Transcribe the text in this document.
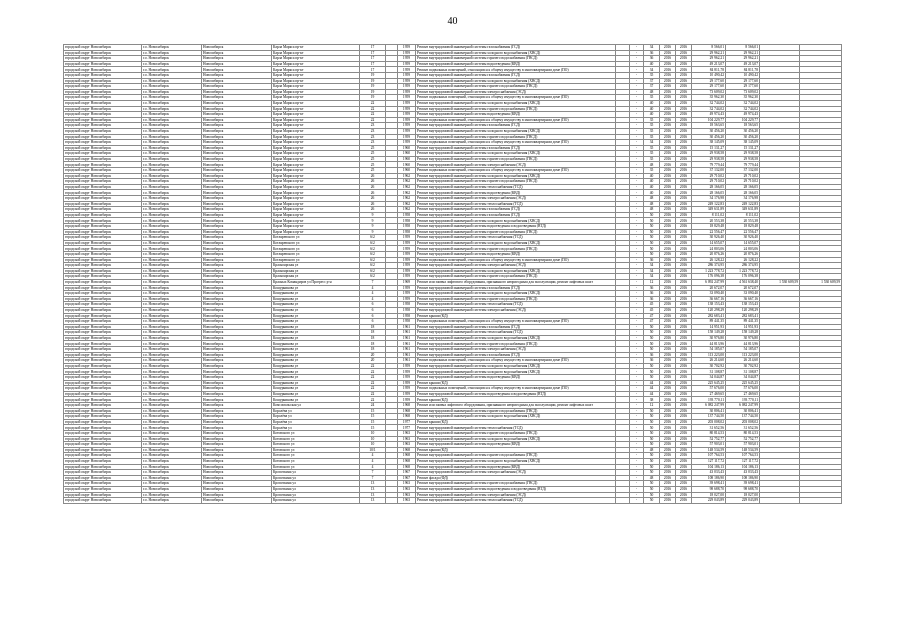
40
городской округ Новосибирск	г.о. Новосибирск	Новосибирск	Карла Маркса пр-кт	17		1959	Ремонт внутридомовой инженерной системы газоснабжения (ГСД)		-	34	2016	2016	8 566,01	8 566,01		
городской округ Новосибирск	г.о. Новосибирск	Новосибирск	Карла Маркса пр-кт	17		1959	Ремонт внутридомовой инженерной системы холодного водоснабжения (ХВСД)		-	36	2016	2016	29 962,21	29 962,21		
городской округ Новосибирск	г.о. Новосибирск	Новосибирск	Карла Маркса пр-кт	17		1959	Ремонт внутридомовой инженерной системы горячего водоснабжения (ГВСД)		-	36	2016	2016	29 962,21	29 962,21		
городской округ Новосибирск	г.о. Новосибирск	Новосибирск	Карла Маркса пр-кт	17		1959	Ремонт внутридомовой инженерной системы водоотведения (КВД)		-	40	2016	2016	49 213,07	49 213,07		
городской округ Новосибирск	г.о. Новосибирск	Новосибирск	Карла Маркса пр-кт	17		1959	Ремонт подвальных помещений, относящихся к общему имуществу в многоквартирном доме (ПО)		-	34	2016	2016	84 811,78	84 811,78		
городской округ Новосибирск	г.о. Новосибирск	Новосибирск	Карла Маркса пр-кт	19		1959	Ремонт внутридомовой инженерной системы газоснабжения (ГСД)		-	35	2016	2016	10 490,42	10 490,42		
городской округ Новосибирск	г.о. Новосибирск	Новосибирск	Карла Маркса пр-кт	19		1959	Ремонт внутридомовой инженерной системы холодного водоснабжения (ХВСД)		-	37	2016	2016	29 177,60	29 177,60		
городской округ Новосибирск	г.о. Новосибирск	Новосибирск	Карла Маркса пр-кт	19		1959	Ремонт внутридомовой инженерной системы горячего водоснабжения (ГВСД)		-	37	2016	2016	29 177,60	29 177,60		
городской округ Новосибирск	г.о. Новосибирск	Новосибирск	Карла Маркса пр-кт	19		1959	Ремонт внутридомовой инженерной системы электроснабжения (ЭСД)		-	48	2016	2016	73 609,02	73 609,02		
городской округ Новосибирск	г.о. Новосибирск	Новосибирск	Карла Маркса пр-кт	19		1959	Ремонт подвальных помещений, относящихся к общему имуществу в многоквартирном доме (ПО)		-	35	2016	2016	35 962,30	35 962,30		
городской округ Новосибирск	г.о. Новосибирск	Новосибирск	Карла Маркса пр-кт	22		1959	Ремонт внутридомовой инженерной системы холодного водоснабжения (ХВСД)		-	40	2016	2016	32 744,02	32 744,02		
городской округ Новосибирск	г.о. Новосибирск	Новосибирск	Карла Маркса пр-кт	22		1959	Ремонт внутридомовой инженерной системы горячего водоснабжения (ГВСД)		-	40	2016	2016	32 744,02	32 744,02		
городской округ Новосибирск	г.о. Новосибирск	Новосибирск	Карла Маркса пр-кт	22		1959	Ремонт внутридомовой инженерной системы водоотведения (КВД)		-	40	2016	2016	49 974,43	49 974,43		
городской округ Новосибирск	г.о. Новосибирск	Новосибирск	Карла Маркса пр-кт	22		1959	Ремонт подвальных помещений, относящихся к общему имуществу в многоквартирном доме (ПО)		-	35	2016	2016	104 229,77	104 229,77		
городской округ Новосибирск	г.о. Новосибирск	Новосибирск	Карла Маркса пр-кт	23		1959	Ремонт внутридомовой инженерной системы газоснабжения (ГСД)		-	35	2016	2016	18 563,65	18 563,65		
городской округ Новосибирск	г.о. Новосибирск	Новосибирск	Карла Маркса пр-кт	23		1959	Ремонт внутридомовой инженерной системы холодного водоснабжения (ХВСД)		-	35	2016	2016	30 456,20	30 456,20		
городской округ Новосибирск	г.о. Новосибирск	Новосибирск	Карла Маркса пр-кт	23		1959	Ремонт внутридомовой инженерной системы горячего водоснабжения (ГВСД)		-	35	2016	2016	30 456,20	30 456,20		
городской округ Новосибирск	г.о. Новосибирск	Новосибирск	Карла Маркса пр-кт	23		1959	Ремонт подвальных помещений, относящихся к общему имуществу в многоквартирном доме (ПО)		-	34	2016	2016	38 145,09	38 145,09		
городской округ Новосибирск	г.о. Новосибирск	Новосибирск	Карла Маркса пр-кт	25		1960	Ремонт внутридомовой инженерной системы газоснабжения (ГСД)		-	35	2016	2016	15 131,27	15 131,27		
городской округ Новосибирск	г.о. Новосибирск	Новосибирск	Карла Маркса пр-кт	25		1960	Ремонт внутридомовой инженерной системы холодного водоснабжения (ХВСД)		-	35	2016	2016	29 938,58	29 938,58		
городской округ Новосибирск	г.о. Новосибирск	Новосибирск	Карла Маркса пр-кт	25		1960	Ремонт внутридомовой инженерной системы горячего водоснабжения (ГВСД)		-	35	2016	2016	29 938,58	29 938,58		
городской округ Новосибирск	г.о. Новосибирск	Новосибирск	Карла Маркса пр-кт	25		1960	Ремонт внутридомовой инженерной системы электроснабжения (ЭСД)		-	48	2016	2016	79 779,44	79 779,44		
городской округ Новосибирск	г.о. Новосибирск	Новосибирск	Карла Маркса пр-кт	25		1960	Ремонт подвальных помещений, относящихся к общему имуществу в многоквартирном доме (ПО)		-	35	2016	2016	37 132,00	37 132,00		
городской округ Новосибирск	г.о. Новосибирск	Новосибирск	Карла Маркса пр-кт	26		1962	Ремонт внутридомовой инженерной системы холодного водоснабжения (ХВСД)		-	40	2016	2016	29 710,02	29 710,02		
городской округ Новосибирск	г.о. Новосибирск	Новосибирск	Карла Маркса пр-кт	26		1962	Ремонт внутридомовой инженерной системы горячего водоснабжения (ГВСД)		-	40	2016	2016	29 710,02	29 710,02		
городской округ Новосибирск	г.о. Новосибирск	Новосибирск	Карла Маркса пр-кт	26		1962	Ремонт внутридомовой инженерной системы теплоснабжения (ТСД)		-	40	2016	2016	28 166,05	28 166,05		
городской округ Новосибирск	г.о. Новосибирск	Новосибирск	Карла Маркса пр-кт	26		1962	Ремонт внутридомовой инженерной системы водоотведения (КВД)		-	40	2016	2016	28 166,05	28 166,05		
городской округ Новосибирск	г.о. Новосибирск	Новосибирск	Карла Маркса пр-кт	26		1962	Ремонт внутридомовой инженерной системы электроснабжения (ЭСД)		-	48	2016	2016	34 176,98	34 176,98		
городской округ Новосибирск	г.о. Новосибирск	Новосибирск	Карла Маркса пр-кт	26		1962	Ремонт внутридомовой инженерной системы теплоснабжения (ТСД)		-	48	2016	2016	249 122,83	249 122,83		
городской округ Новосибирск	г.о. Новосибирск	Новосибирск	Карла Маркса пр-кт	26		1962	Ремонт внутридомовой инженерной системы газоснабжения (ГСД)		-	48	2016	2016	349 631,89	349 631,89		
городской округ Новосибирск	г.о. Новосибирск	Новосибирск	Карла Маркса пр-кт	9		1958	Ремонт внутридомовой инженерной системы газоснабжения (ГСД)		-	50	2016	2016	8 111,02	8 111,02		
городской округ Новосибирск	г.о. Новосибирск	Новосибирск	Карла Маркса пр-кт	9		1958	Ремонт внутридомовой инженерной системы холодного водоснабжения (ХВСД)		-	50	2016	2016	20 553,38	20 553,38		
городской округ Новосибирск	г.о. Новосибирск	Новосибирск	Карла Маркса пр-кт	9		1958	Ремонт внутридомовой инженерной системы водоотведения и водоотведения (ВТД)		-	50	2016	2016	18 829,48	18 829,48		
городской округ Новосибирск	г.о. Новосибирск	Новосибирск	Карла Маркса пр-кт	9		1958	Ремонт внутридомовой инженерной системы горячего водоснабжения (ГВСД)		-	50	2016	2016	22 556,47	22 556,47		
городской округ Новосибирск	г.о. Новосибирск	Новосибирск	Котляревского ул	6/2		1959	Ремонт внутридомовой инженерной системы теплоснабжения (ТСД)		-	50	2016	2016	30 926,40	30 926,40		
городской округ Новосибирск	г.о. Новосибирск	Новосибирск	Котляревского ул	6/2		1959	Ремонт внутридомовой инженерной системы холодного водоснабжения (ХВСД)		-	50	2016	2016	14 655,07	14 655,07		
городской округ Новосибирск	г.о. Новосибирск	Новосибирск	Котляревского ул	6/2		1959	Ремонт внутридомовой инженерной системы горячего водоснабжения (ГВСД)		-	50	2016	2016	24 803,06	24 803,06		
городской округ Новосибирск	г.о. Новосибирск	Новосибирск	Котляревского ул	6/2		1959	Ремонт внутридомовой инженерной системы водоотведения (КВД)		-	50	2016	2016	20 876,26	20 876,26		
городской округ Новосибирск	г.о. Новосибирск	Новосибирск	Котляревского ул	6/2		1959	Ремонт подвальных помещений, относящихся к общему имуществу в многоквартирном доме (ПО)		-	36	2016	2016	26 128,22	26 128,22		
городской округ Новосибирск	г.о. Новосибирск	Новосибирск	Красноярская ул	6/2		1959	Ремонт внутридомовой инженерной системы электроснабжения (ЭСД)		-	34	2016	2016	286 374,95	286 374,95		
городской округ Новосибирск	г.о. Новосибирск	Новосибирск	Красноярская ул	6/2		1959	Ремонт внутридомовой инженерной системы холодного водоснабжения (ХВСД)		-	34	2016	2016	1 223 778,72	1 223 778,72		
городской округ Новосибирск	г.о. Новосибирск	Новосибирск	Красноярская ул	6/2		1959	Ремонт внутридомовой инженерной системы горячего водоснабжения (ГВСД)		-	34	2016	2016	176 096,38	176 096,38		
городской округ Новосибирск	г.о. Новосибирск	Новосибирск	Красных Командиров ул Прогресс р-н	7		1969	Ремонт или замена лифтового оборудования, признанного непригодным для эксплуатации, ремонт лифтовых шахт		-	12	2016	2016	6 092 247,99	4 561 638,40	1 530 609,59	1 530 609,59
городской округ Новосибирск	г.о. Новосибирск	Новосибирск	Кошурникова ул	4		1959	Ремонт внутридомовой инженерной системы газоснабжения (ГСД)		-	36	2016	2016	20 672,07	20 672,07		
городской округ Новосибирск	г.о. Новосибирск	Новосибирск	Кошурникова ул	4		1959	Ремонт внутридомовой инженерной системы холодного водоснабжения (ХВСД)		-	36	2016	2016	33 090,40	33 090,40		
городской округ Новосибирск	г.о. Новосибирск	Новосибирск	Кошурникова ул	4		1959	Ремонт внутридомовой инженерной системы горячего водоснабжения (ГВСД)		-	36	2016	2016	36 667,16	36 667,16		
городской округ Новосибирск	г.о. Новосибирск	Новосибирск	Кошурникова ул	6		1958	Ремонт внутридомовой инженерной системы теплоснабжения (ТСД)		-	45	2016	2016	138 153,43	138 153,43		
городской округ Новосибирск	г.о. Новосибирск	Новосибирск	Кошурникова ул	6		1958	Ремонт внутридомовой инженерной системы электроснабжения (ЭСД)		-	45	2016	2016	120 298,29	120 298,29		
городской округ Новосибирск	г.о. Новосибирск	Новосибирск	Кошурникова ул	6		1958	Ремонт крыши (КД)		-	47	2016	2016	282 683,41	282 683,41		
городской округ Новосибирск	г.о. Новосибирск	Новосибирск	Кошурникова ул	6		1958	Ремонт подвальных помещений, относящихся к общему имуществу в многоквартирном доме (ПО)		-	47	2016	2016	89 441,35	89 441,35		
городской округ Новосибирск	г.о. Новосибирск	Новосибирск	Кошурникова ул	18		1961	Ремонт внутридомовой инженерной системы газоснабжения (ГСД)		-	50	2016	2016	14 951,93	14 951,93		
городской округ Новосибирск	г.о. Новосибирск	Новосибирск	Кошурникова ул	18		1961	Ремонт внутридомовой инженерной системы теплоснабжения (ТСД)		-	50	2016	2016	158 149,28	158 149,28		
городской округ Новосибирск	г.о. Новосибирск	Новосибирск	Кошурникова ул	18		1961	Ремонт внутридомовой инженерной системы холодного водоснабжения (ХВСД)		-	50	2016	2016	30 976,80	30 976,80		
городской округ Новосибирск	г.о. Новосибирск	Новосибирск	Кошурникова ул	18		1961	Ремонт внутридомовой инженерной системы горячего водоснабжения (ГВСД)		-	50	2016	2016	44 813,96	44 813,96		
городской округ Новосибирск	г.о. Новосибирск	Новосибирск	Кошурникова ул	18		1961	Ремонт внутридомовой инженерной системы электроснабжения (ЭСД)		-	50	2016	2016	54 185,07	54 185,07		
городской округ Новосибирск	г.о. Новосибирск	Новосибирск	Кошурникова ул	20		1961	Ремонт внутридомовой инженерной системы газоснабжения (ГСД)		-	36	2016	2016	113 223,00	113 223,00		
городской округ Новосибирск	г.о. Новосибирск	Новосибирск	Кошурникова ул	20		1961	Ремонт подвальных помещений, относящихся к общему имуществу в многоквартирном доме (ПО)		-	36	2016	2016	26 214,60	26 214,60		
городской округ Новосибирск	г.о. Новосибирск	Новосибирск	Кошурникова ул	22		1959	Ремонт внутридомовой инженерной системы холодного водоснабжения (ХВСД)		-	50	2016	2016	30 702,92	30 702,92		
городской округ Новосибирск	г.о. Новосибирск	Новосибирск	Кошурникова ул	22		1959	Ремонт внутридомовой инженерной системы холодного водоснабжения (ХВСД)		-	50	2016	2016	31 108,87	31 108,87		
городской округ Новосибирск	г.о. Новосибирск	Новосибирск	Кошурникова ул	22		1959	Ремонт внутридомовой инженерной системы водоотведения (КВД)		-	50	2016	2016	34 044,87	34 044,87		
городской округ Новосибирск	г.о. Новосибирск	Новосибирск	Кошурникова ул	22		1959	Ремонт крыши (КД)		-	44	2016	2016	225 645,25	225 645,25		
городской округ Новосибирск	г.о. Новосибирск	Новосибирск	Кошурникова ул	22		1959	Ремонт подвальных помещений, относящихся к общему имуществу в многоквартирном доме (ПО)		-	44	2016	2016	57 676,00	57 676,00		
городской округ Новосибирск	г.о. Новосибирск	Новосибирск	Кошурникова ул	22		1959	Ремонт внутридомовой инженерной системы водоотведения и водоотведения (ВТД)		-	44	2016	2016	27 469,65	27 469,65		
городской округ Новосибирск	г.о. Новосибирск	Новосибирск	Кошурникова ул	22		1959	Ремонт крыши (КД)		-	38	2016	2016	193 770,11	193 770,11		
городской округ Новосибирск	г.о. Новосибирск	Новосибирск	Комсомольская ул	24		1968	Ремонт или замена лифтового оборудования, признанного непригодным для эксплуатации, ремонт лифтовых шахт		-	12	2016	2016	6 082 247,99	6 082 247,99		
городской округ Новосибирск	г.о. Новосибирск	Новосибирск	Королёва ул	15		1968	Ремонт внутридомовой инженерной системы горячего водоснабжения (ГВСД)		-	50	2016	2016	30 806,41	30 806,41		
городской округ Новосибирск	г.о. Новосибирск	Новосибирск	Королёва ул	15		1968	Ремонт внутридомовой инженерной системы холодного водоснабжения (ХВСД)		-	50	2016	2016	137 744,50	137 744,50		
городской округ Новосибирск	г.о. Новосибирск	Новосибирск	Королёва ул	15		1977	Ремонт крыши (КД)		-	50	2016	2016	203 008,02	203 008,02		
городской округ Новосибирск	г.о. Новосибирск	Новосибирск	Королёва ул	15		1977	Ремонт внутридомовой инженерной системы теплоснабжения (ТСД)		-	50	2016	2016	31 652,56	31 652,56		
городской округ Новосибирск	г.о. Новосибирск	Новосибирск	Котовского ул	10		1963	Ремонт внутридомовой инженерной системы горячего водоснабжения (ГВСД)		-	50	2016	2016	80 814,53	80 814,53		
городской округ Новосибирск	г.о. Новосибирск	Новосибирск	Котовского ул	10		1963	Ремонт внутридомовой инженерной системы холодного водоснабжения (ХВСД)		-	50	2016	2016	52 752,77	52 752,77		
городской округ Новосибирск	г.о. Новосибирск	Новосибирск	Котовского ул	10		1963	Ремонт внутридомовой инженерной системы водоотведения (КВД)		-	50	2016	2016	57 903,01	57 903,01		
городской округ Новосибирск	г.о. Новосибирск	Новосибирск	Котовского ул	10/1		1968	Ремонт крыши (КД)		-	48	2016	2016	148 534,59	148 534,59		
городской округ Новосибирск	г.о. Новосибирск	Новосибирск	Котовского ул	4		1968	Ремонт внутридомовой инженерной системы горячего водоснабжения (ГВСД)		-	50	2016	2016	107 764,53	107 764,53		
городской округ Новосибирск	г.о. Новосибирск	Новосибирск	Котовского ул	4		1968	Ремонт внутридомовой инженерной системы холодного водоснабжения (ХВСД)		-	50	2016	2016	127 117,72	127 117,72		
городской округ Новосибирск	г.о. Новосибирск	Новосибирск	Котовского ул	4		1968	Ремонт внутридомовой инженерной системы водоотведения (КВД)		-	50	2016	2016	104 186,13	104 186,13		
городской округ Новосибирск	г.о. Новосибирск	Новосибирск	Кропоткина ул	7		1967	Ремонт внутридомовой инженерной системы электроснабжения (ЭСД)		-	50	2016	2016	43 033,43	43 033,43		
городской округ Новосибирск	г.о. Новосибирск	Новосибирск	Кропоткина ул	7		1967	Ремонт фасада (ФД)		-	48	2016	2016	108 186,90	108 186,90		
городской округ Новосибирск	г.о. Новосибирск	Новосибирск	Кропоткина ул	13		1963	Ремонт внутридомовой инженерной системы горячего водоснабжения (ГВСД)		-	50	2016	2016	39 698,41	39 698,41		
городской округ Новосибирск	г.о. Новосибирск	Новосибирск	Кропоткина ул	13		1963	Ремонт внутридомовой инженерной системы водоотведения и водоотведения (ВТД)		-	50	2016	2016	98 688,70	98 688,70		
городской округ Новосибирск	г.о. Новосибирск	Новосибирск	Кропоткина ул	13		1963	Ремонт внутридомовой инженерной системы электроснабжения (ЭСД)		-	50	2016	2016	18 027,00	18 027,00		
городской округ Новосибирск	г.о. Новосибирск	Новосибирск	Кропоткина ул	13		1963	Ремонт внутридомовой инженерной системы теплоснабжения (ТСД)		-	50	2016	2016	229 043,89	229 043,89		
